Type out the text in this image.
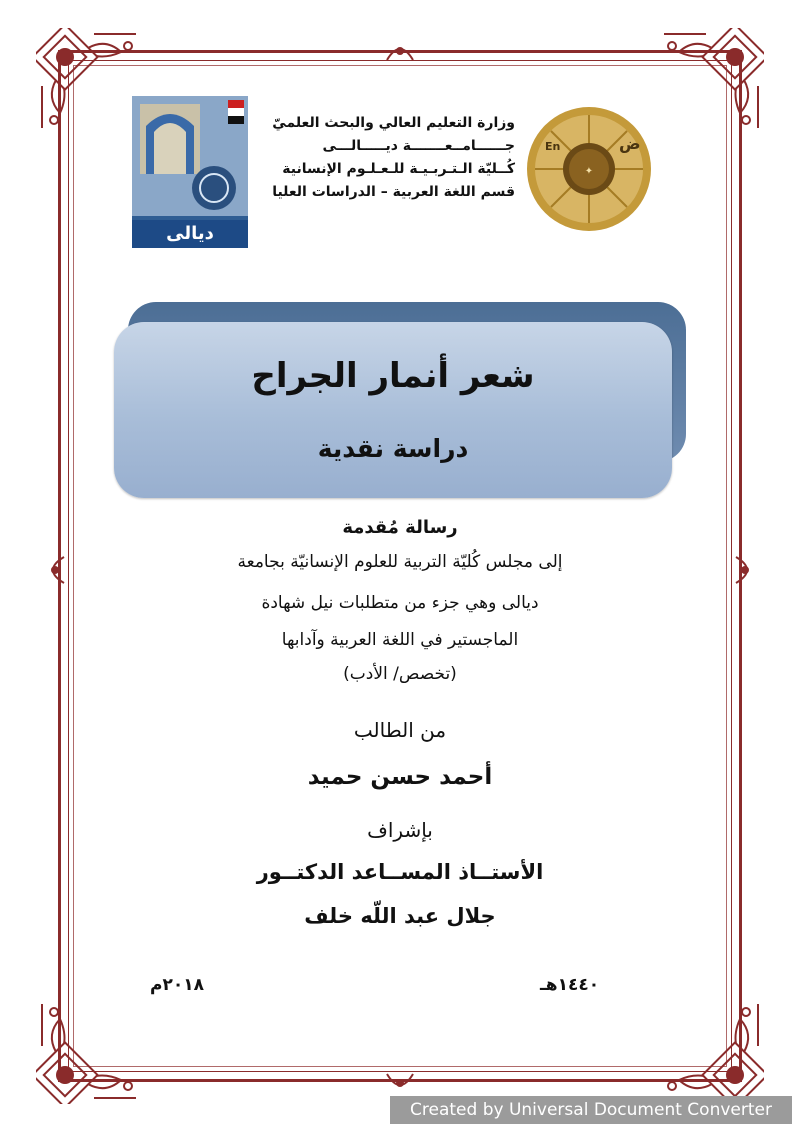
ديالى
وزارة التعليم العالي والبحث العلميّ
جــــــامــعـــــــة ديـــــالـــى
كُــليّة الـتـربـيـة للـعـلـوم الإنسانية
قسم اللغة العربية – الدراسات العليا
✦
En	ض
شعر أنمار الجراح
دراسة نقدية
رسالة مُقدمة
إلى مجلس كُليّة التربية للعلوم الإنسانيّة بجامعة
ديالى وهي جزء من متطلبات نيل شهادة
الماجستير في اللغة العربية وآدابها
(تخصص/ الأدب)
من الطالب
أحمد حسن حميد
بإشراف
الأستــاذ المســاعد الدكتــور
جلال عبد اللّه خلف
٢٠١٨م	١٤٤٠هـ
Created by Universal Document Converter
